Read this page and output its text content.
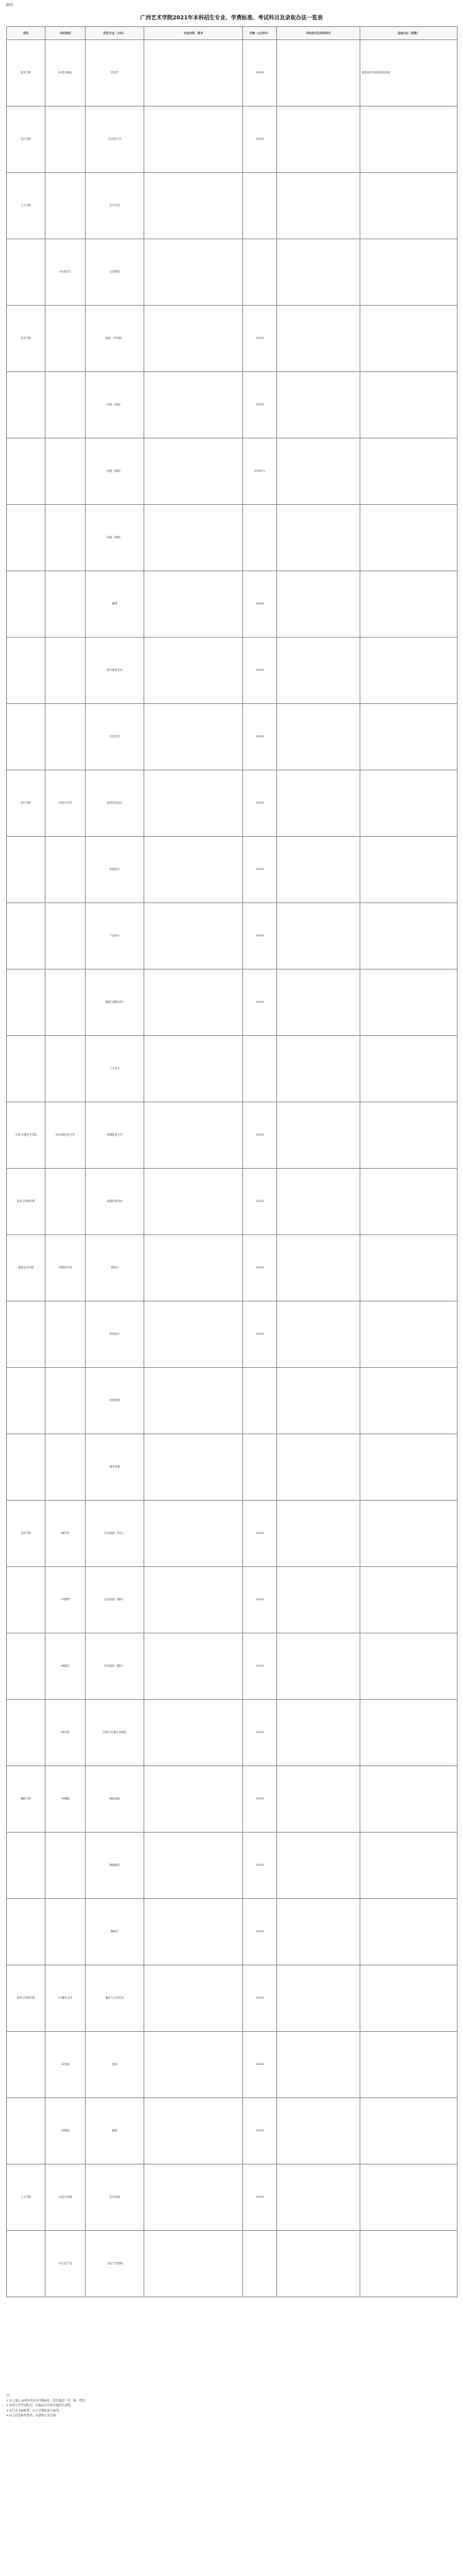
附件：
广西艺术学院2021年本科招生专业、学费标准、考试科目及录取办法一览表
学院	考试类别	招生专业（方向）	专业培养、要求	学费（元/学年）	考试形式及考试科目	录取办法（简要）
美术学院	01美术理论	美术学		12000		按投省美术统考成绩录取
设计学院		艺术设计学		12000		
人文学院		艺术史论				
	02美术学	艺术教育				
美术学院		绘画（中国画）		12000		
		绘画（油画）		12000		
		绘画（版画）		40000元		
		绘画（壁画）				
		雕塑		12000		
		数字媒体艺术		15000		
		实验艺术		12000		
设计学院	03设计学类	视觉传达设计		12000		
		环境设计		12000		
		产品设计		12000		
		服装与服饰设计		12000		
		工艺美术				
中国-东盟艺术学院	04戏剧影视文学	戏剧影视文学		12000		
影视与传媒学院		戏剧影视导演		12000		
建筑艺术学院	05建筑学类	建筑学		12000		
		环境设计		12000		
		风景园林				
		城乡规划				
音乐学院	06声乐	音乐表演（声乐）		12000		
	07钢琴	音乐表演（钢琴）		12000		
	08器乐	音乐表演（器乐）		12000		
	09作曲	作曲与作曲技术理论		12000		
舞蹈学院	10舞蹈	舞蹈表演		12000		
		舞蹈编导		12000		
		舞蹈学		12000		
影视与传媒学院	11播音主持	播音与主持艺术		12000		
	12表演	表演		12000		
	13摄影	摄影		12000		
人文学院	14艺术管理	艺术管理		12000		
	15文化产业	文化产业管理				

注：

1.以上第1-18类本科专业学制4年，招生地区广西、统一考试；

2.各类专业考试科目、录取办法详见学校招生章程。

3.实行学分制收费，以上学费标准为参考。

4.以上信息如有变动，以最终公布为准。
